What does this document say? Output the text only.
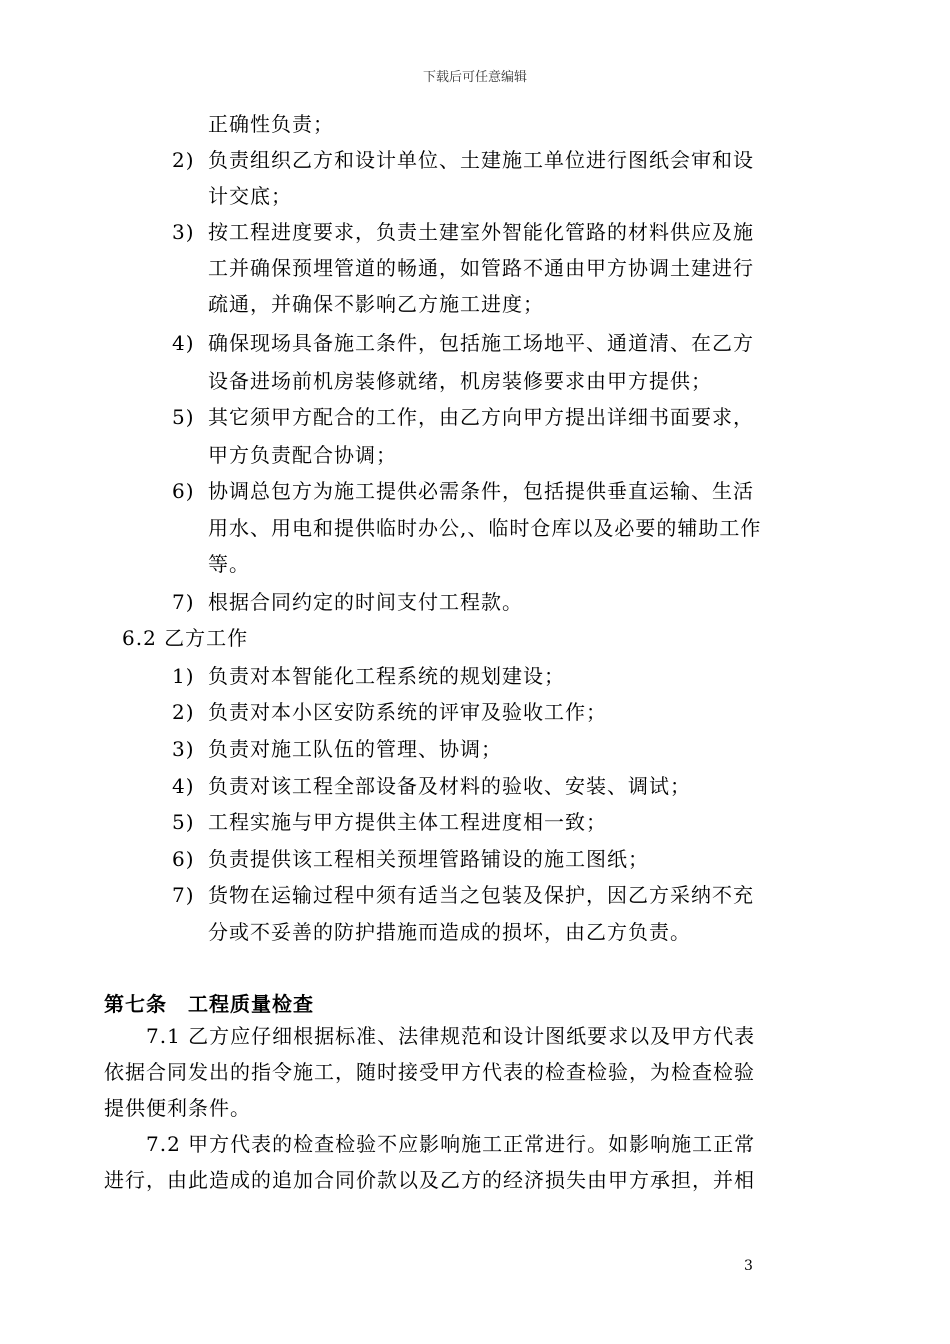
下载后可任意编辑
正确性负责；
2) 负责组织乙方和设计单位、土建施工单位进行图纸会审和设
计交底；
3) 按工程进度要求，负责土建室外智能化管路的材料供应及施
工并确保预埋管道的畅通，如管路不通由甲方协调土建进行
疏通，并确保不影响乙方施工进度；
4) 确保现场具备施工条件，包括施工场地平、通道清、在乙方
设备进场前机房装修就绪，机房装修要求由甲方提供；
5) 其它须甲方配合的工作，由乙方向甲方提出详细书面要求，
甲方负责配合协调；
6) 协调总包方为施工提供必需条件，包括提供垂直运输、生活
用水、用电和提供临时办公,、临时仓库以及必要的辅助工作
等。
7) 根据合同约定的时间支付工程款。
6.2 乙方工作
1) 负责对本智能化工程系统的规划建设；
2) 负责对本小区安防系统的评审及验收工作；
3) 负责对施工队伍的管理、协调；
4) 负责对该工程全部设备及材料的验收、安装、调试；
5) 工程实施与甲方提供主体工程进度相一致；
6) 负责提供该工程相关预埋管路铺设的施工图纸；
7) 货物在运输过程中须有适当之包装及保护，因乙方采纳不充
分或不妥善的防护措施而造成的损坏，由乙方负责。
第七条　工程质量检查
7.1 乙方应仔细根据标准、法律规范和设计图纸要求以及甲方代表
依据合同发出的指令施工，随时接受甲方代表的检查检验，为检查检验
提供便利条件。
7.2 甲方代表的检查检验不应影响施工正常进行。如影响施工正常
进行，由此造成的追加合同价款以及乙方的经济损失由甲方承担，并相
3
